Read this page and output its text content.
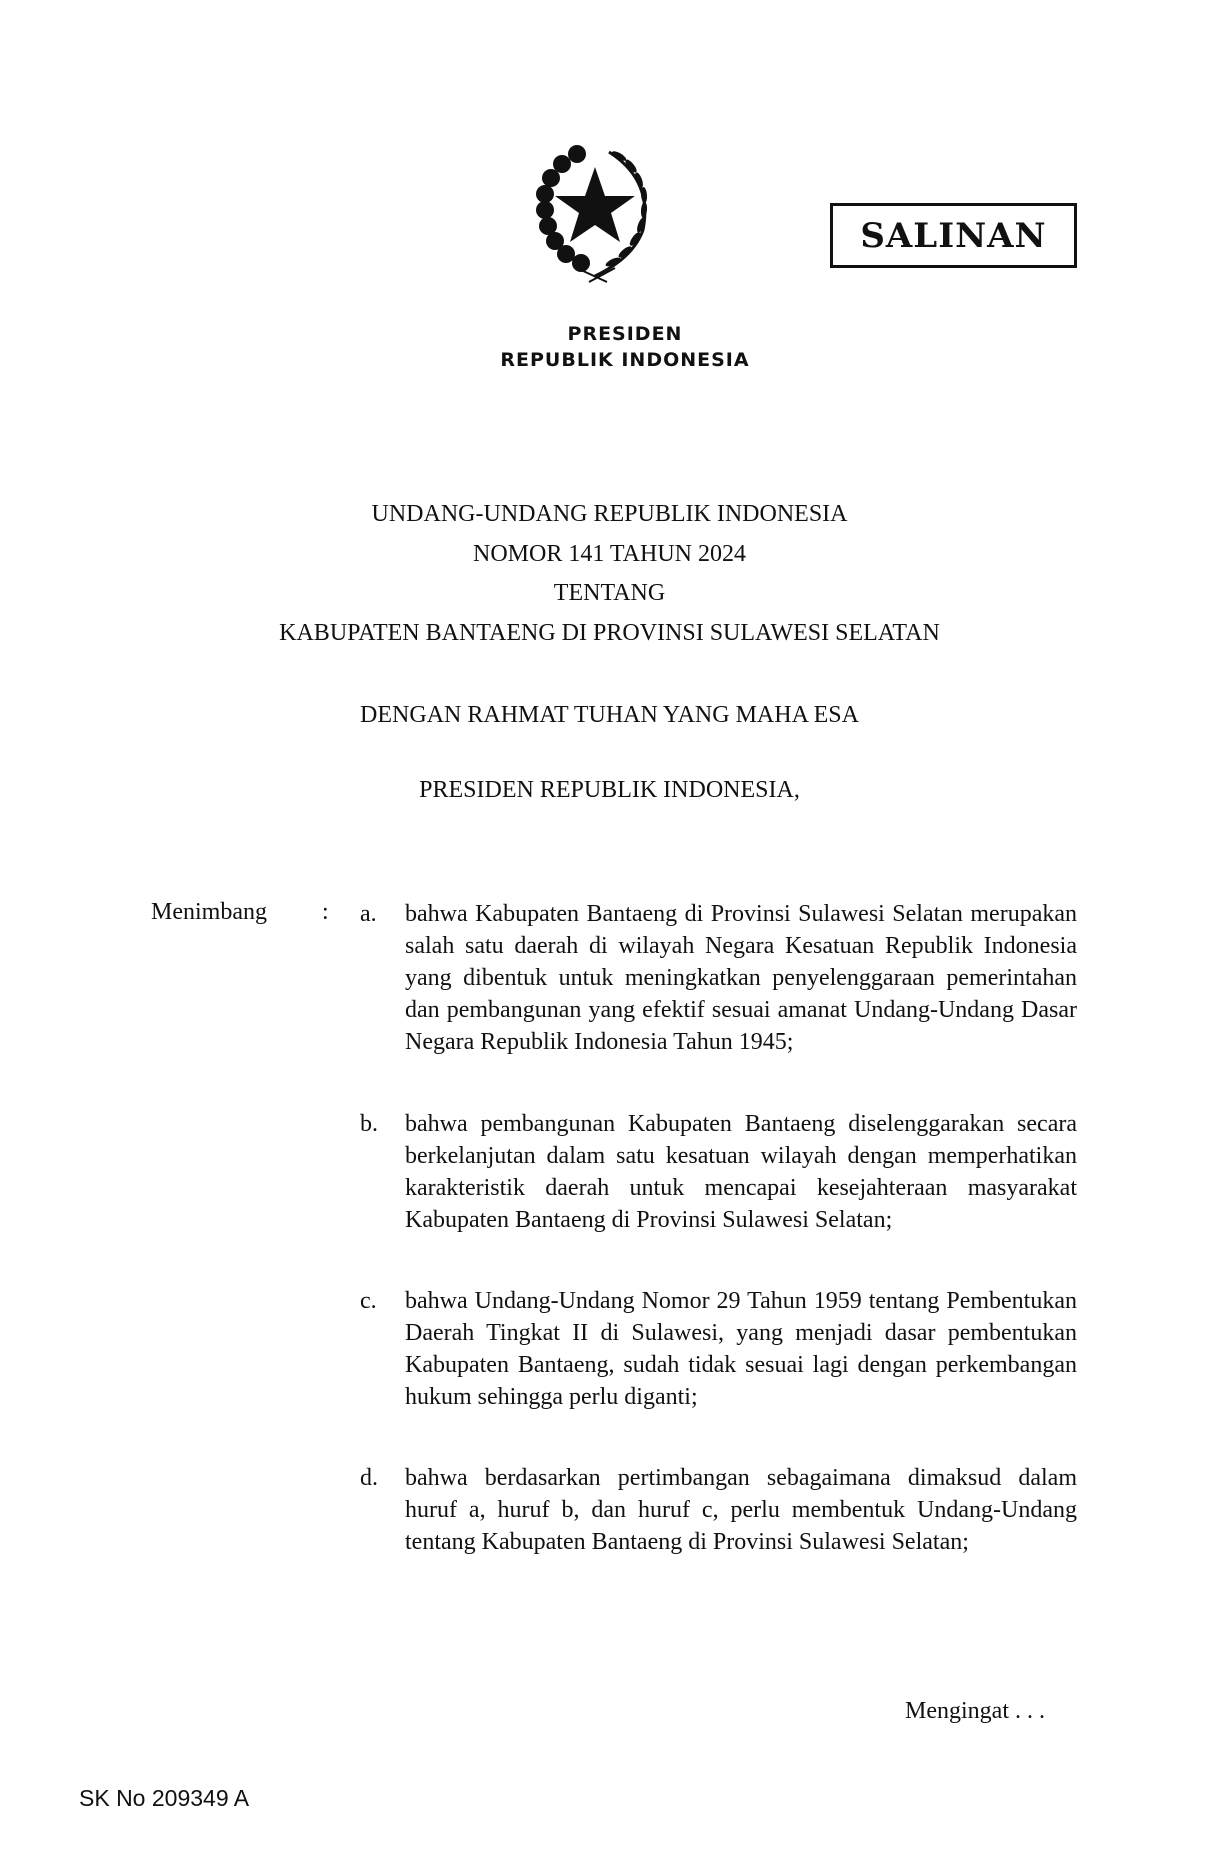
PRESIDEN
REPUBLIK INDONESIA
SALINAN
UNDANG-UNDANG REPUBLIK INDONESIA
NOMOR 141 TAHUN 2024
TENTANG
KABUPATEN BANTAENG DI PROVINSI SULAWESI SELATAN
DENGAN RAHMAT TUHAN YANG MAHA ESA
PRESIDEN REPUBLIK INDONESIA,
Menimbang : a. bahwa Kabupaten Bantaeng di Provinsi Sulawesi Selatan merupakan salah satu daerah di wilayah Negara Kesatuan Republik Indonesia yang dibentuk untuk meningkatkan penyelenggaraan pemerintahan dan pembangunan yang efektif sesuai amanat Undang-Undang Dasar Negara Republik Indonesia Tahun 1945;
b. bahwa pembangunan Kabupaten Bantaeng diselenggarakan secara berkelanjutan dalam satu kesatuan wilayah dengan memperhatikan karakteristik daerah untuk mencapai kesejahteraan masyarakat Kabupaten Bantaeng di Provinsi Sulawesi Selatan;
c. bahwa Undang-Undang Nomor 29 Tahun 1959 tentang Pembentukan Daerah Tingkat II di Sulawesi, yang menjadi dasar pembentukan Kabupaten Bantaeng, sudah tidak sesuai lagi dengan perkembangan hukum sehingga perlu diganti;
d. bahwa berdasarkan pertimbangan sebagaimana dimaksud dalam huruf a, huruf b, dan huruf c, perlu membentuk Undang-Undang tentang Kabupaten Bantaeng di Provinsi Sulawesi Selatan;
Mengingat . . .
SK No 209349 A
